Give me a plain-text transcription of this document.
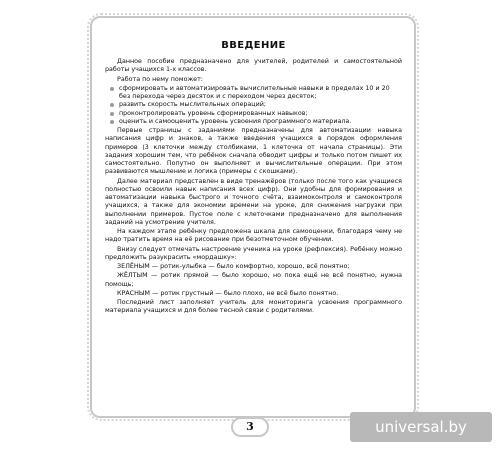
ВВЕДЕНИЕ

Данное пособие предназначено для учителей, родителей и самостоятельной работы учащихся 1-х классов.

Работа по нему поможет:

сформировать и автоматизировать вычислительные навыки в пределах 10 и 20 без перехода через десяток и с переходом через десяток;
развить скорость мыслительных операций;
проконтролировать уровень сформированных навыков;
оценить и самооценить уровень усвоения программного материала.

Первые страницы с заданиями предназначены для автоматизации навыка написания цифр и знаков, а также введения учащихся в порядок оформления примеров (3 клеточки между столбиками, 1 клеточка от начала страницы). Эти задания хорошим тем, что ребёнок сначала обводит цифры и только потом пишет их самостоятельно. Попутно он выполняет и вычислительные операции. При этом развиваются мышление и логика (примеры с скошками).

Далее материал представлен в виде тренажёров (только после того как учащиеся полностью освоили навык написания всех цифр). Они удобны для формирования и автоматизации навыка быстрого и точного счёта, взаимоконтроля и самоконтроля учащихся, а также для экономии времени на уроке, для снижения нагрузки при выполнении примеров. Пустое поле с клеточками предназначено для выполнения заданий на усмотрение учителя.

На каждом этапе ребёнку предложена шкала для самооценки, благодаря чему не надо тратить время на её рисование при безотметочном обучении.

Внизу следует отмечать настроение ученика на уроке (рефлексия). Ребёнку можно предложить разукрасить «мордашку»:

ЗЕЛЁНЫМ — ротик-улыбка — было комфортно, хорошо, всё понятно;

ЖЁЛТЫМ — ротик прямой — было хорошо, но пока ещё не всё понятно, нужна помощь;

КРАСНЫМ — ротик грустный — было плохо, не всё было понятно.

Последний лист заполняет учитель для мониторинга усвоения программного материала учащихся и для более тесной связи с родителями.

3	universal.by
